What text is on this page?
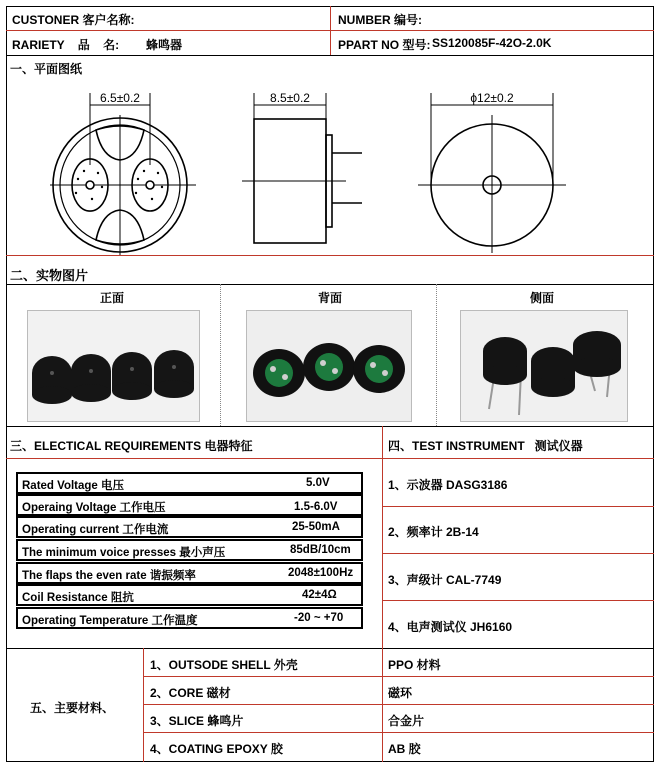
CUSTONER 客户名称:	NUMBER 编号:
RARIETY    品    名: 蜂鸣器	PPART NO 型号: SS120085F-42O-2.0K
一、平面图纸
6.5±0.2	8.5±0.2	ϕ12±0.2
二、实物图片
正面	背面	侧面
三、ELECTICAL REQUIREMENTS 电器特征	四、TEST INSTRUMENT   测试仪器
Rated Voltage 电压	5.0V
Operaing Voltage 工作电压	1.5-6.0V
Operating current 工作电流	25-50mA
The minimum voice presses 最小声压	85dB/10cm
The flaps the even rate 谐振频率	2048±100Hz
Coil Resistance 阻抗	42±4Ω
Operating Temperature 工作温度	-20 ~ +70
1、示波器 DASG3186
2、频率计 2B-14
3、声级计 CAL-7749
4、电声测试仪 JH6160
五、主要材料、
1、OUTSODE SHELL 外壳	PPO 材料
2、CORE 磁材	磁环
3、SLICE 蜂鸣片	合金片
4、COATING EPOXY 胶	AB 胶
